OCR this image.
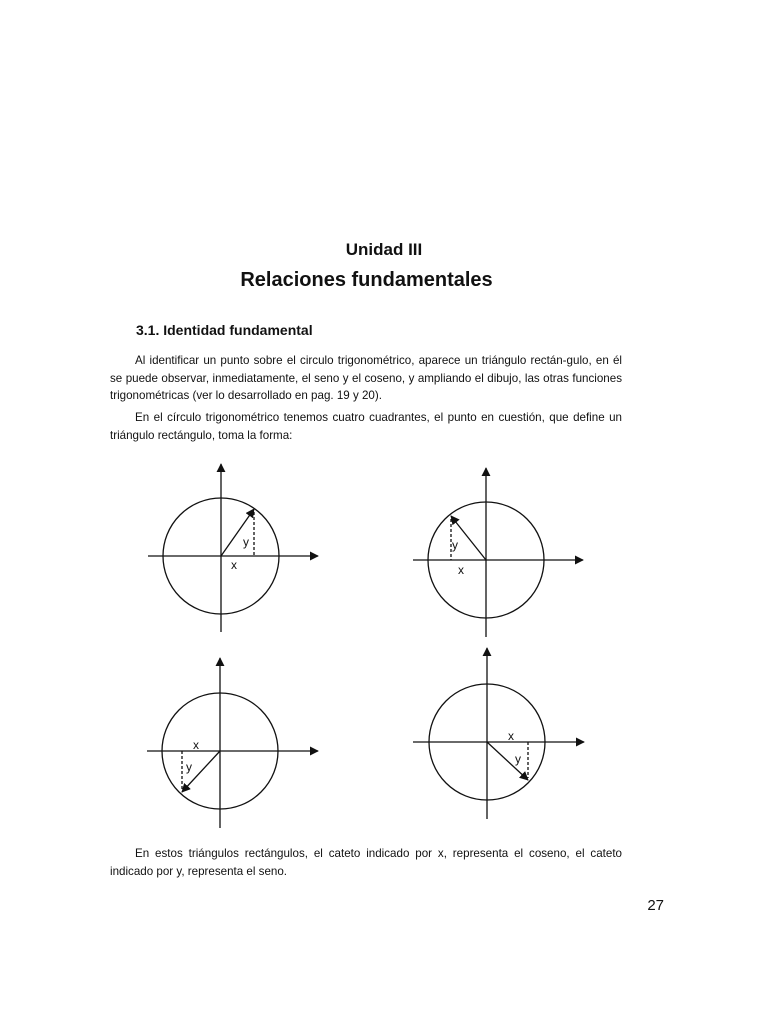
Unidad III
Relaciones fundamentales
3.1. Identidad fundamental

Al identificar un punto sobre el circulo trigonométrico, aparece un triángulo rectán-gulo, en él se puede observar, inmediatamente, el seno y el coseno, y ampliando el dibujo, las otras funciones trigonométricas (ver lo desarrollado en pag. 19 y 20).

En el círculo trigonométrico tenemos cuatro cuadrantes, el punto en cuestión, que define un triángulo rectángulo, toma la forma:

y
x
y
x
x
y
x
y

En estos triángulos rectángulos, el cateto indicado por x, representa el coseno, el cateto indicado por y, representa el seno.

27
